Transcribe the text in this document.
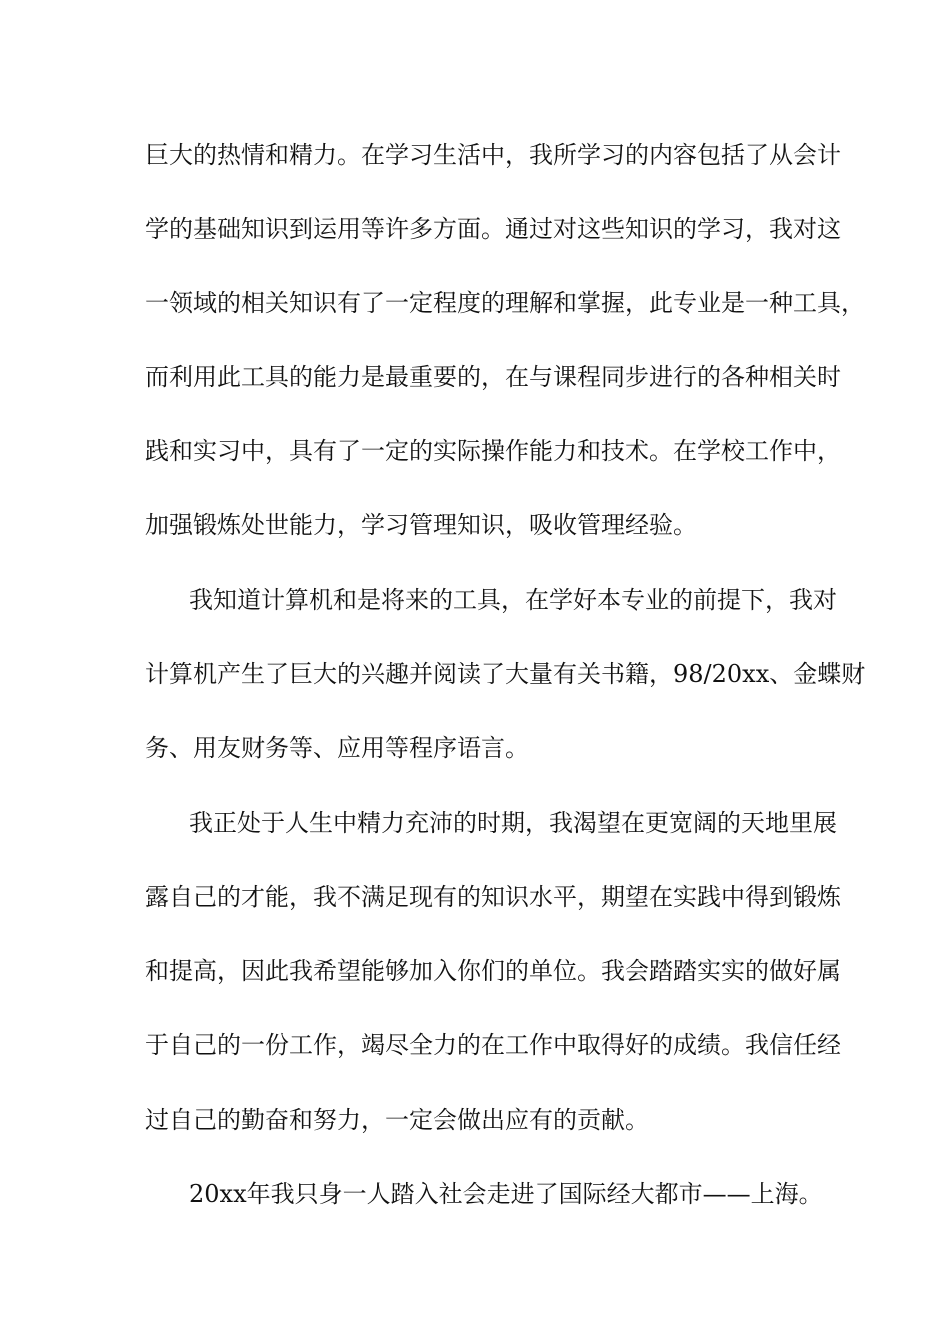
巨大的热情和精力。在学习生活中，我所学习的内容包括了从会计
学的基础知识到运用等许多方面。通过对这些知识的学习，我对这
一领域的相关知识有了一定程度的理解和掌握，此专业是一种工具，
而利用此工具的能力是最重要的，在与课程同步进行的各种相关时
践和实习中，具有了一定的实际操作能力和技术。在学校工作中，
加强锻炼处世能力，学习管理知识，吸收管理经验。
我知道计算机和是将来的工具，在学好本专业的前提下，我对
计算机产生了巨大的兴趣并阅读了大量有关书籍，98/20xx、金蝶财
务、用友财务等、应用等程序语言。
我正处于人生中精力充沛的时期，我渴望在更宽阔的天地里展
露自己的才能，我不满足现有的知识水平，期望在实践中得到锻炼
和提高，因此我希望能够加入你们的单位。我会踏踏实实的做好属
于自己的一份工作，竭尽全力的在工作中取得好的成绩。我信任经
过自己的勤奋和努力，一定会做出应有的贡献。
20xx年我只身一人踏入社会走进了国际经大都市——上海。
